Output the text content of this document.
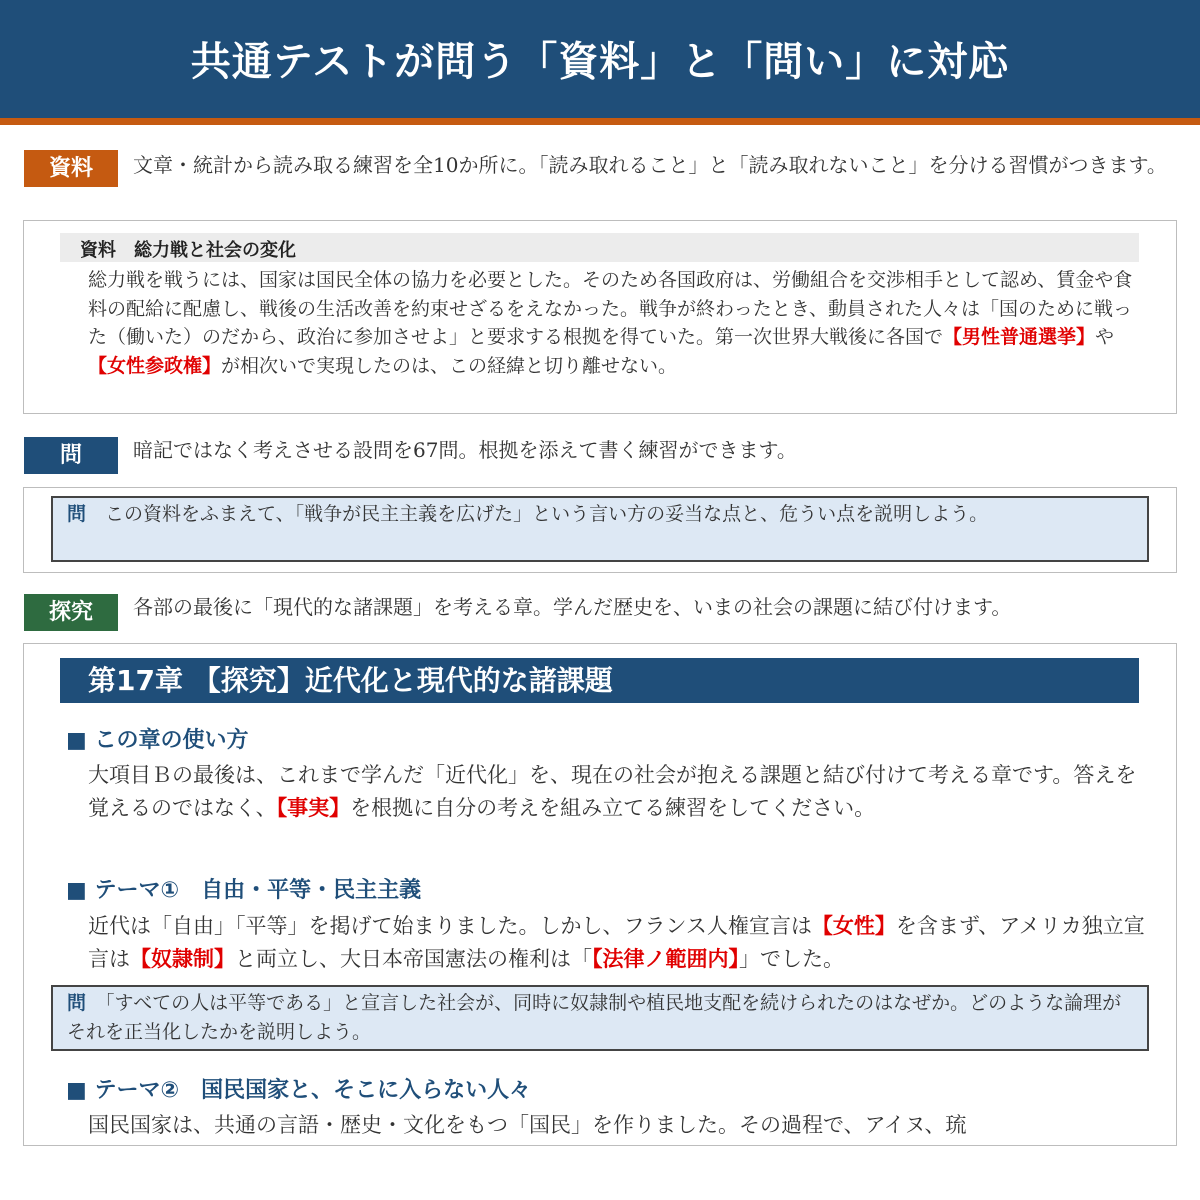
共通テストが問う「資料」と「問い」に対応
資料	文章・統計から読み取る練習を全10か所に。「読み取れること」と「読み取れないこと」を分ける習慣がつきます。
資料　総力戦と社会の変化
総力戦を戦うには、国家は国民全体の協力を必要とした。そのため各国政府は、労働組合を交渉相手として認め、賃金や食料の配給に配慮し、戦後の生活改善を約束せざるをえなかった。戦争が終わったとき、動員された人々は「国のために戦った（働いた）のだから、政治に参加させよ」と要求する根拠を得ていた。第一次世界大戦後に各国で【男性普通選挙】や【女性参政権】が相次いで実現したのは、この経緯と切り離せない。
問	暗記ではなく考えさせる設問を67問。根拠を添えて書く練習ができます。
問　 この資料をふまえて、「戦争が民主主義を広げた」という言い方の妥当な点と、危うい点を説明しよう。
探究	各部の最後に「現代的な諸課題」を考える章。学んだ歴史を、いまの社会の課題に結び付けます。
第17章 【探究】近代化と現代的な諸課題
■ この章の使い方
大項目Ｂの最後は、これまで学んだ「近代化」を、現在の社会が抱える課題と結び付けて考える章です。答えを覚えるのではなく、【事実】を根拠に自分の考えを組み立てる練習をしてください。
■ テーマ①　自由・平等・民主主義
近代は「自由」「平等」を掲げて始まりました。しかし、フランス人権宣言は【女性】を含まず、アメリカ独立宣言は【奴隷制】と両立し、大日本帝国憲法の権利は「【法律ノ範囲内】」でした。
問　 「すべての人は平等である」と宣言した社会が、同時に奴隷制や植民地支配を続けられたのはなぜか。どのような論理がそれを正当化したかを説明しよう。
■ テーマ②　国民国家と、そこに入らない人々
国民国家は、共通の言語・歴史・文化をもつ「国民」を作りました。その過程で、アイヌ、琉
